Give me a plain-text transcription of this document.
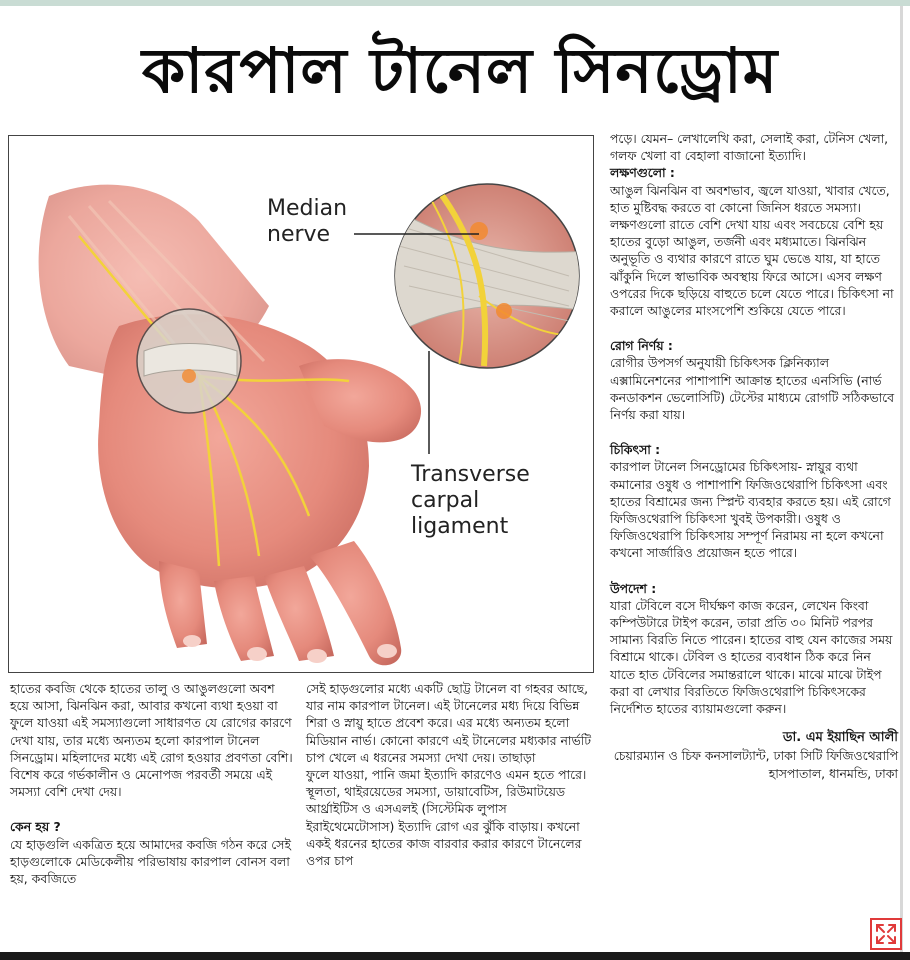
কারপাল টানেল সিনড্রোম
Median
nerve
Transverse
carpal
ligament

হাতের কবজি থেকে হাতের তালু ও আঙুলগুলো অবশ হয়ে আসা, ঝিনঝিন করা, আবার কখনো ব্যথা হওয়া বা ফুলে যাওয়া এই সমস্যাগুলো সাধারণত যে রোগের কারণে দেখা যায়, তার মধ্যে অন্যতম হলো কারপাল টানেল সিনড্রোম। মহিলাদের মধ্যে এই রোগ হওয়ার প্রবণতা বেশি। বিশেষ করে গর্ভকালীন ও মেনোপজ পরবর্তী সময়ে এই সমস্যা বেশি দেখা দেয়।

কেন হয় ?

যে হাড়গুলি একত্রিত হয়ে আমাদের কবজি গঠন করে সেই হাড়গুলোকে মেডিকেলীয় পরিভাষায় কারপাল বোনস বলা হয়, কবজিতে

সেই হাড়গুলোর মধ্যে একটি ছোট্ট টানেল বা গহবর আছে, যার নাম কারপাল টানেল। এই টানেলের মধ্য দিয়ে বিভিন্ন শিরা ও স্নায়ু হাতে প্রবেশ করে। এর মধ্যে অন্যতম হলো মিডিয়ান নার্ভ। কোনো কারণে এই টানেলের মধ্যকার নার্ভটি চাপ খেলে এ ধরনের সমস্যা দেখা দেয়। তাছাড়া

ফুলে যাওয়া, পানি জমা ইত্যাদি কারণেও এমন হতে পারে। স্থূলতা, থাইরয়েডের সমস্যা, ডায়াবেটিস, রিউমাটয়েড আর্থ্রাইটিস ও এসএলই (সিস্টেমিক লুপাস ইরাইথেমেটোসাস) ইত্যাদি রোগ এর ঝুঁকি বাড়ায়। কখনো একই ধরনের হাতের কাজ বারবার করার কারণে টানেলের ওপর চাপ

পড়ে। যেমন– লেখালেখি করা, সেলাই করা, টেনিস খেলা, গলফ খেলা বা বেহালা বাজানো ইত্যাদি।

লক্ষণগুলো :

আঙুল ঝিনঝিন বা অবশভাব, জ্বলে যাওয়া, খাবার খেতে, হাত মুষ্টিবদ্ধ করতে বা কোনো জিনিস ধরতে সমস্যা। লক্ষণগুলো রাতে বেশি দেখা যায় এবং সবচেয়ে বেশি হয় হাতের বুড়ো আঙুল, তর্জনী এবং মধ্যমাতে। ঝিনঝিন অনুভূতি ও ব্যথার কারণে রাতে ঘুম ভেঙে যায়, যা হাতে ঝাঁকুনি দিলে স্বাভাবিক অবস্থায় ফিরে আসে। এসব লক্ষণ ওপরের দিকে ছড়িয়ে বাহুতে চলে যেতে পারে। চিকিৎসা না করালে আঙুলের মাংসপেশি শুকিয়ে যেতে পারে।

রোগ নির্ণয় :

রোগীর উপসর্গ অনুযায়ী চিকিৎসক ক্লিনিক্যাল এক্সামিনেশনের পাশাপাশি আক্রান্ত হাতের এনসিভি (নার্ভ কনডাকশন ভেলোসিটি) টেস্টের মাধ্যমে রোগটি সঠিকভাবে নির্ণয় করা যায়।

চিকিৎসা :

কারপাল টানেল সিনড্রোমের চিকিৎসায়- স্নায়ুর ব্যথা কমানোর ওষুধ ও পাশাপাশি ফিজিওথেরাপি চিকিৎসা এবং হাতের বিশ্রামের জন্য স্প্লিন্ট ব্যবহার করতে হয়। এই রোগে ফিজিওথেরাপি চিকিৎসা খুবই উপকারী। ওষুধ ও ফিজিওথেরাপি চিকিৎসায় সম্পূর্ণ নিরাময় না হলে কখনো কখনো সার্জারিও প্রয়োজন হতে পারে।

উপদেশ :

যারা টেবিলে বসে দীর্ঘক্ষণ কাজ করেন, লেখেন কিংবা কম্পিউটারে টাইপ করেন, তারা প্রতি ৩০ মিনিট পরপর সামান্য বিরতি নিতে পারেন। হাতের বাহু যেন কাজের সময় বিশ্রামে থাকে। টেবিল ও হাতের ব্যবধান ঠিক করে নিন যাতে হাত টেবিলের সমান্তরালে থাকে। মাঝে মাঝে টাইপ করা বা লেখার বিরতিতে ফিজিওথেরাপি চিকিৎসকের নির্দেশিত হাতের ব্যায়ামগুলো করুন।

ডা. এম ইয়াছিন আলী
চেয়ারম্যান ও চিফ কনসালট্যান্ট, ঢাকা সিটি ফিজিওথেরাপি হাসপাতাল, ধানমন্ডি, ঢাকা
